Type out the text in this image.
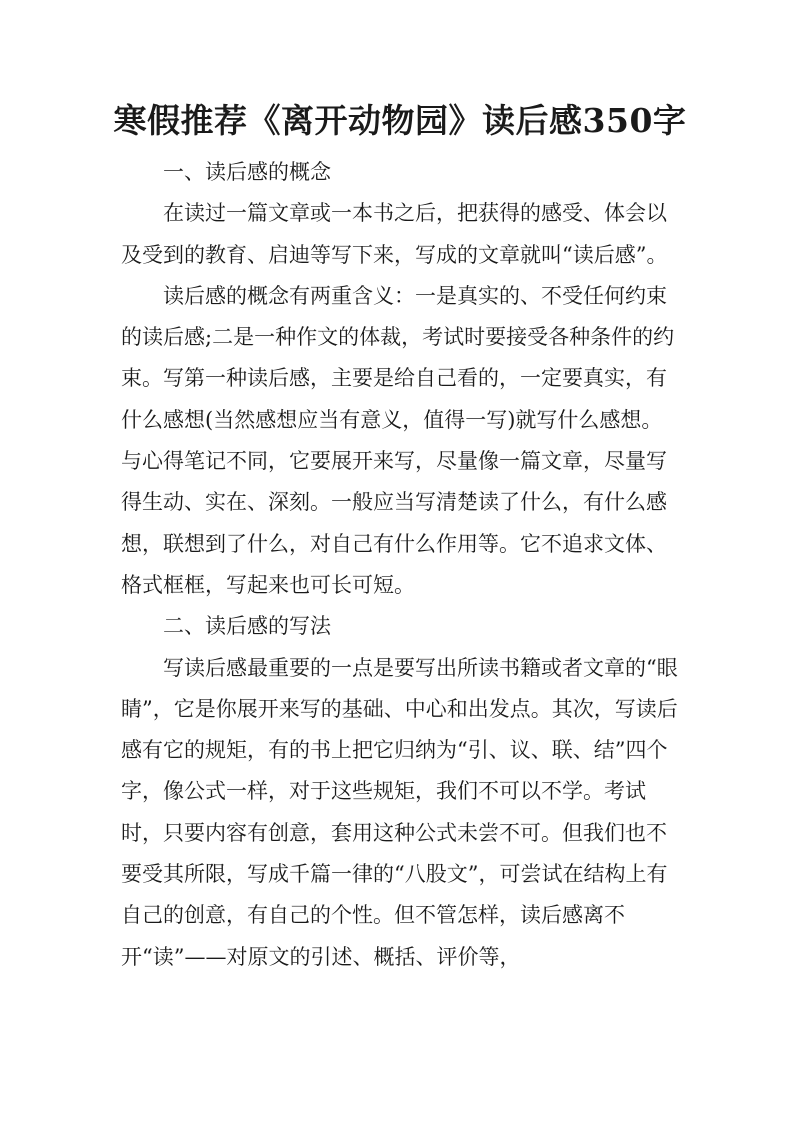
寒假推荐《离开动物园》读后感350字

一、读后感的概念

在读过一篇文章或一本书之后，把获得的感受、体会以及受到的教育、启迪等写下来，写成的文章就叫“读后感”。

读后感的概念有两重含义：一是真实的、不受任何约束的读后感;二是一种作文的体裁，考试时要接受各种条件的约束。写第一种读后感，主要是给自己看的，一定要真实，有什么感想(当然感想应当有意义，值得一写)就写什么感想。与心得笔记不同，它要展开来写，尽量像一篇文章，尽量写得生动、实在、深刻。一般应当写清楚读了什么，有什么感想，联想到了什么，对自己有什么作用等。它不追求文体、格式框框，写起来也可长可短。

二、读后感的写法

写读后感最重要的一点是要写出所读书籍或者文章的“眼睛”，它是你展开来写的基础、中心和出发点。其次，写读后感有它的规矩，有的书上把它归纳为“引、议、联、结”四个字，像公式一样，对于这些规矩，我们不可以不学。考试时，只要内容有创意，套用这种公式未尝不可。但我们也不要受其所限，写成千篇一律的“八股文”，可尝试在结构上有自己的创意，有自己的个性。但不管怎样，读后感离不开“读”——对原文的引述、概括、评价等，
